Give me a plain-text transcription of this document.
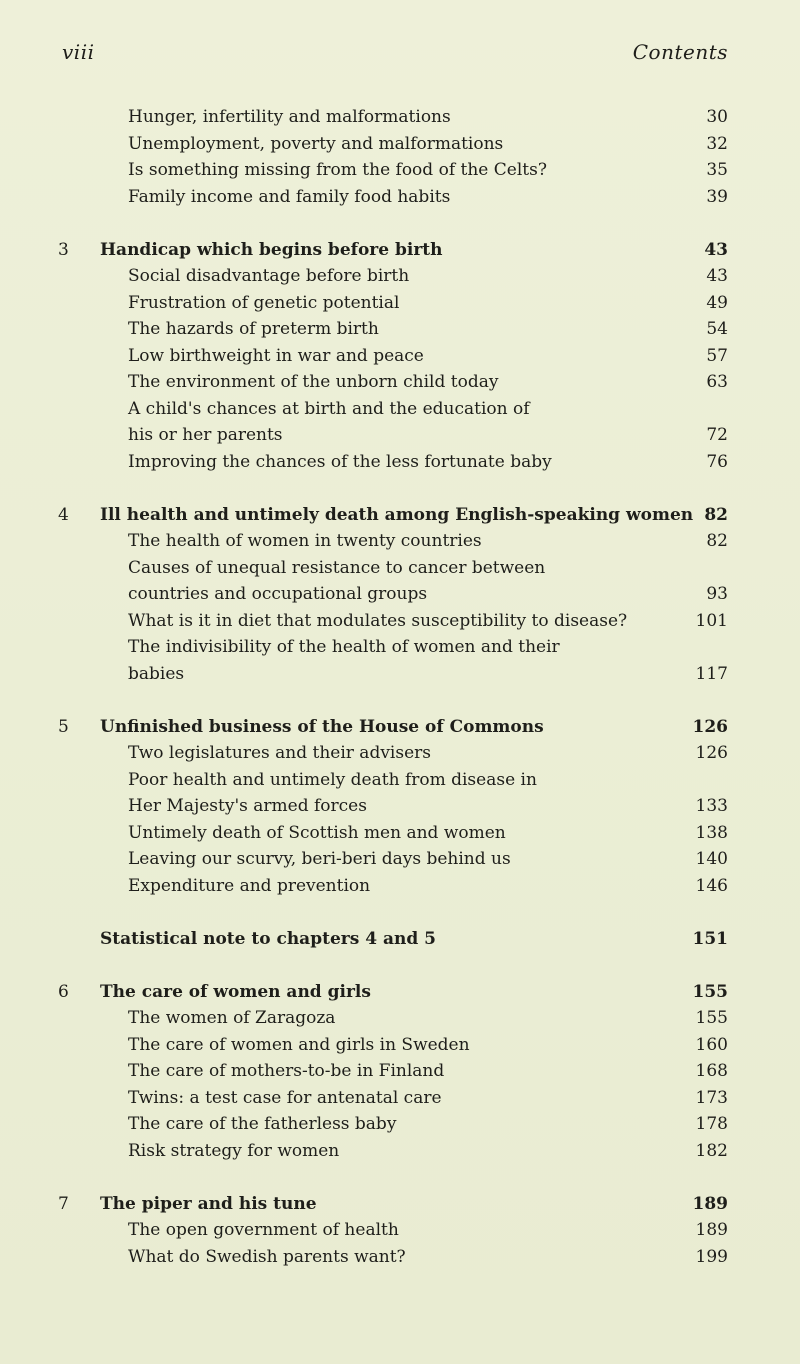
viii	Contents
Hunger, infertility and malformations	30
Unemployment, poverty and malformations	32
Is something missing from the food of the Celts?	35
Family income and family food habits	39
3 Handicap which begins before birth	43
Social disadvantage before birth	43
Frustration of genetic potential	49
The hazards of preterm birth	54
Low birthweight in war and peace	57
The environment of the unborn child today	63
A child's chances at birth and the education of
his or her parents	72
Improving the chances of the less fortunate baby	76
4 Ill health and untimely death among English-speaking women 82
The health of women in twenty countries	82
Causes of unequal resistance to cancer between
countries and occupational groups	93
What is it in diet that modulates susceptibility to disease?	101
The indivisibility of the health of women and their
babies	117
5 Unfinished business of the House of Commons	126
Two legislatures and their advisers	126
Poor health and untimely death from disease in
Her Majesty's armed forces	133
Untimely death of Scottish men and women	138
Leaving our scurvy, beri-beri days behind us	140
Expenditure and prevention	146
Statistical note to chapters 4 and 5	151
6 The care of women and girls	155
The women of Zaragoza	155
The care of women and girls in Sweden	160
The care of mothers-to-be in Finland	168
Twins: a test case for antenatal care	173
The care of the fatherless baby	178
Risk strategy for women	182
7 The piper and his tune	189
The open government of health	189
What do Swedish parents want?	199
